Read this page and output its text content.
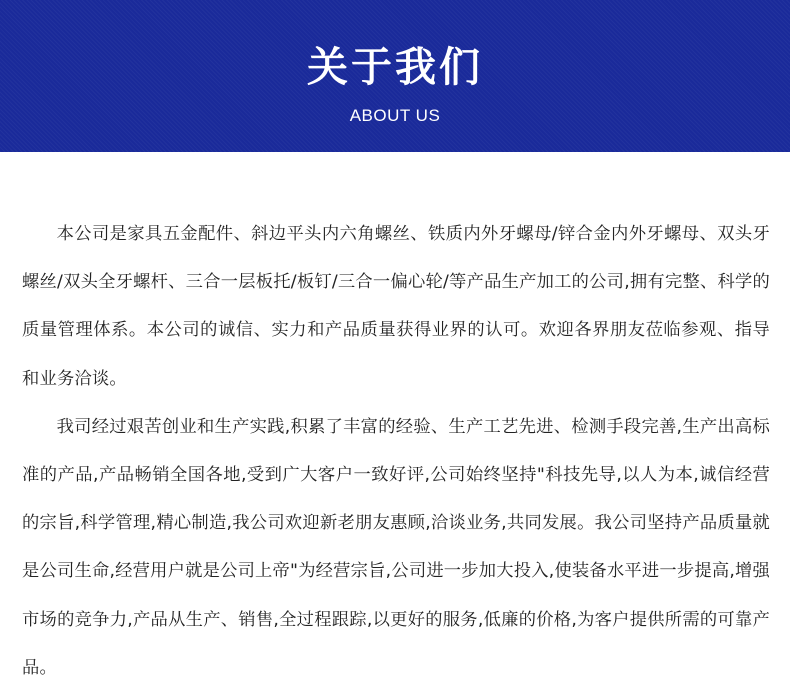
关于我们
ABOUT US

本公司是家具五金配件、斜边平头内六角螺丝、铁质内外牙螺母/锌合金内外牙螺母、双头牙螺丝/双头全牙螺杆、三合一层板托/板钉/三合一偏心轮/等产品生产加工的公司,拥有完整、科学的质量管理体系。本公司的诚信、实力和产品质量获得业界的认可。欢迎各界朋友莅临参观、指导和业务洽谈。

我司经过艰苦创业和生产实践,积累了丰富的经验、生产工艺先进、检测手段完善,生产出高标准的产品,产品畅销全国各地,受到广大客户一致好评,公司始终坚持"科技先导,以人为本,诚信经营的宗旨,科学管理,精心制造,我公司欢迎新老朋友惠顾,洽谈业务,共同发展。我公司坚持产品质量就是公司生命,经营用户就是公司上帝"为经营宗旨,公司进一步加大投入,使装备水平进一步提高,增强市场的竞争力,产品从生产、销售,全过程跟踪,以更好的服务,低廉的价格,为客户提供所需的可靠产品。
